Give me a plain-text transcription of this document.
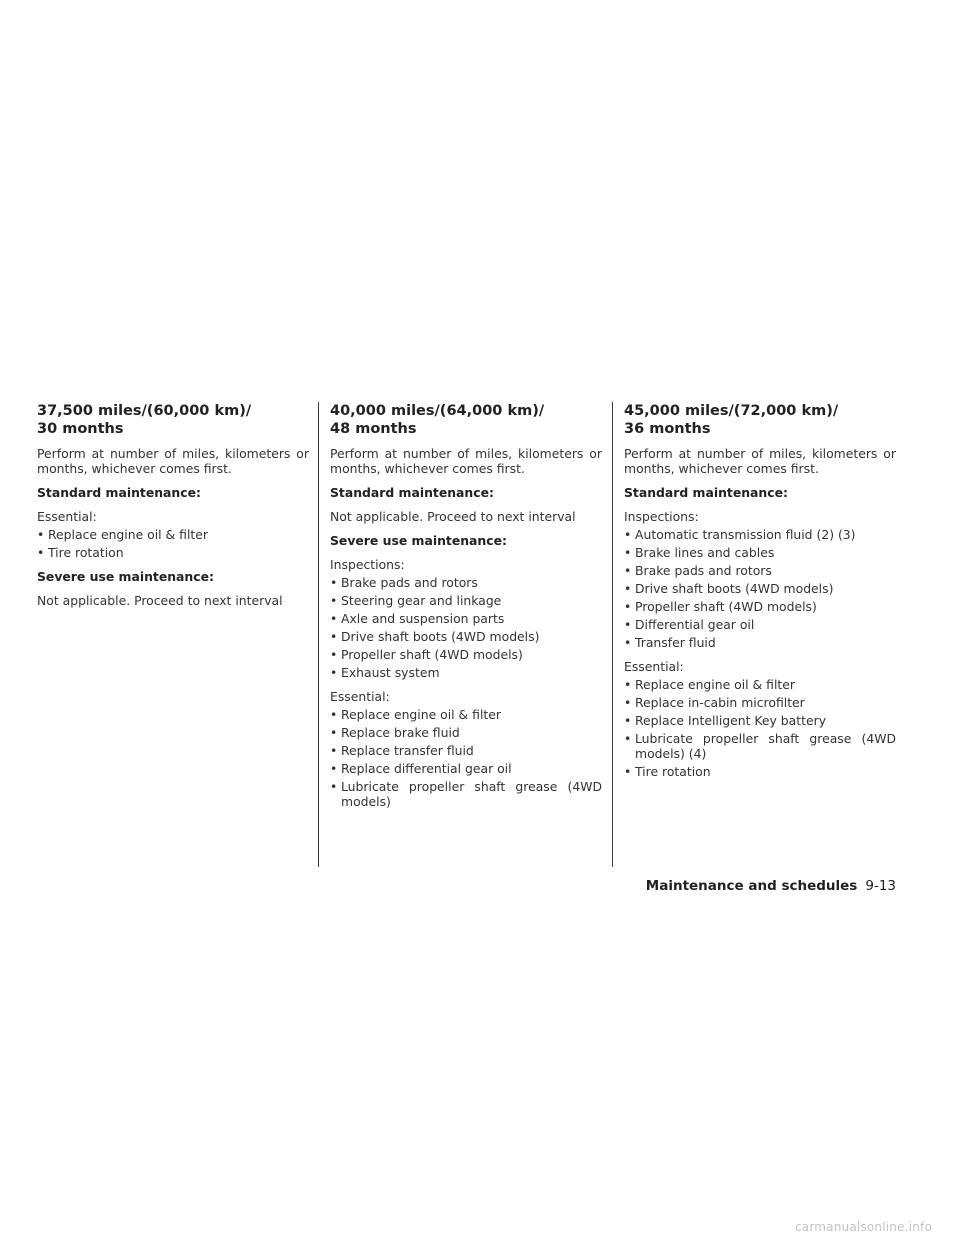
37,500 miles/(60,000 km)/
30 months

Perform at number of miles, kilometers or months, whichever comes first.

Standard maintenance:

Essential:

• Replace engine oil & filter
• Tire rotation

Severe use maintenance:

Not applicable. Proceed to next interval

40,000 miles/(64,000 km)/
48 months

Perform at number of miles, kilometers or months, whichever comes first.

Standard maintenance:

Not applicable. Proceed to next interval

Severe use maintenance:

Inspections:

• Brake pads and rotors
• Steering gear and linkage
• Axle and suspension parts
• Drive shaft boots (4WD models)
• Propeller shaft (4WD models)
• Exhaust system

Essential:

• Replace engine oil & filter
• Replace brake fluid
• Replace transfer fluid
• Replace differential gear oil
• Lubricate propeller shaft grease (4WD models)
45,000 miles/(72,000 km)/
36 months

Perform at number of miles, kilometers or months, whichever comes first.

Standard maintenance:

Inspections:

• Automatic transmission fluid (2) (3)
• Brake lines and cables
• Brake pads and rotors
• Drive shaft boots (4WD models)
• Propeller shaft (4WD models)
• Differential gear oil
• Transfer fluid

Essential:

• Replace engine oil & filter
• Replace in-cabin microfilter
• Replace Intelligent Key battery
• Lubricate propeller shaft grease (4WD models) (4)
• Tire rotation
Maintenance and schedules 9-13
carmanualsonline.info
